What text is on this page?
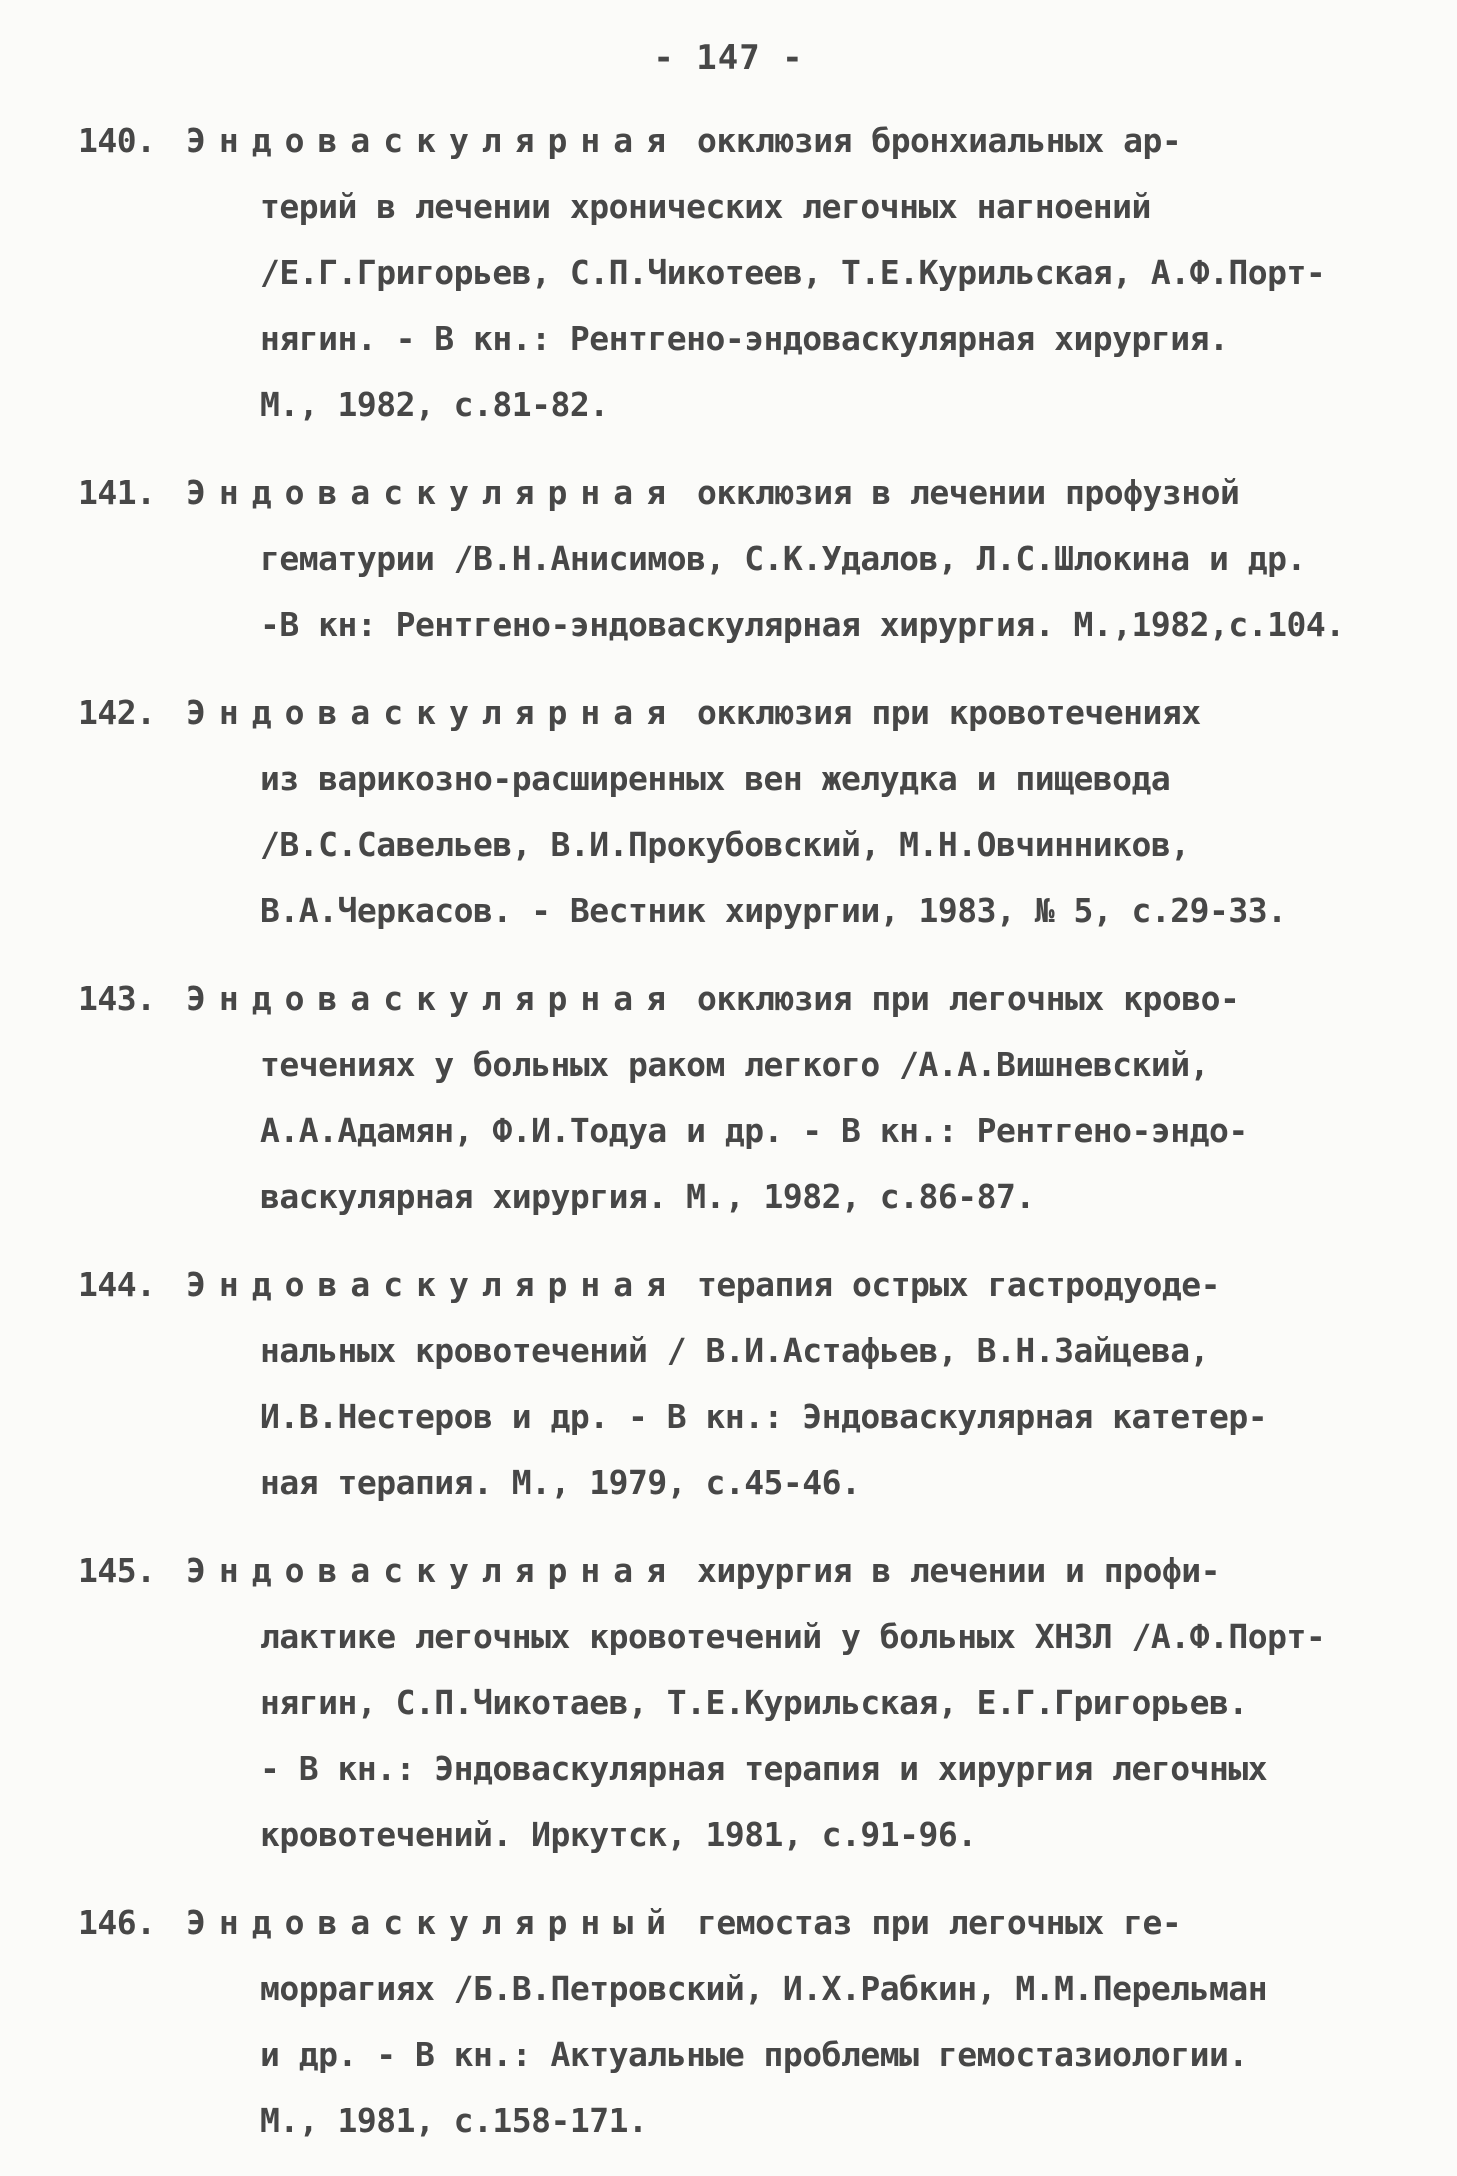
- 147 -
140. Эндоваскулярная окклюзия бронхиальных ар-
терий в лечении хронических легочных нагноений
/Е.Г.Григорьев, С.П.Чикотеев, Т.Е.Курильская, А.Ф.Порт-
нягин. - В кн.: Рентгено-эндоваскулярная хирургия.
М., 1982, с.81-82.
141. Эндоваскулярная окклюзия в лечении профузной
гематурии /В.Н.Анисимов, С.К.Удалов, Л.С.Шлокина и др.
-В кн: Рентгено-эндоваскулярная хирургия. М.,1982,с.104.
142. Эндоваскулярная окклюзия при кровотечениях
из варикозно-расширенных вен желудка и пищевода
/В.С.Савельев, В.И.Прокубовский, М.Н.Овчинников,
В.А.Черкасов. - Вестник хирургии, 1983, № 5, с.29-33.
143. Эндоваскулярная окклюзия при легочных крово-
течениях у больных раком легкого /А.А.Вишневский,
А.А.Адамян, Ф.И.Тодуа и др. - В кн.: Рентгено-эндо-
васкулярная хирургия. М., 1982, с.86-87.
144. Эндоваскулярная терапия острых гастродуоде-
нальных кровотечений / В.И.Астафьев, В.Н.Зайцева,
И.В.Нестеров и др. - В кн.: Эндоваскулярная катетер-
ная терапия. М., 1979, с.45-46.
145. Эндоваскулярная хирургия в лечении и профи-
лактике легочных кровотечений у больных ХНЗЛ /А.Ф.Порт-
нягин, С.П.Чикотаев, Т.Е.Курильская, Е.Г.Григорьев.
- В кн.: Эндоваскулярная терапия и хирургия легочных
кровотечений. Иркутск, 1981, с.91-96.
146. Эндоваскулярный гемостаз при легочных ге-
моррагиях /Б.В.Петровский, И.Х.Рабкин, М.М.Перельман
и др. - В кн.: Актуальные проблемы гемостазиологии.
М., 1981, с.158-171.
